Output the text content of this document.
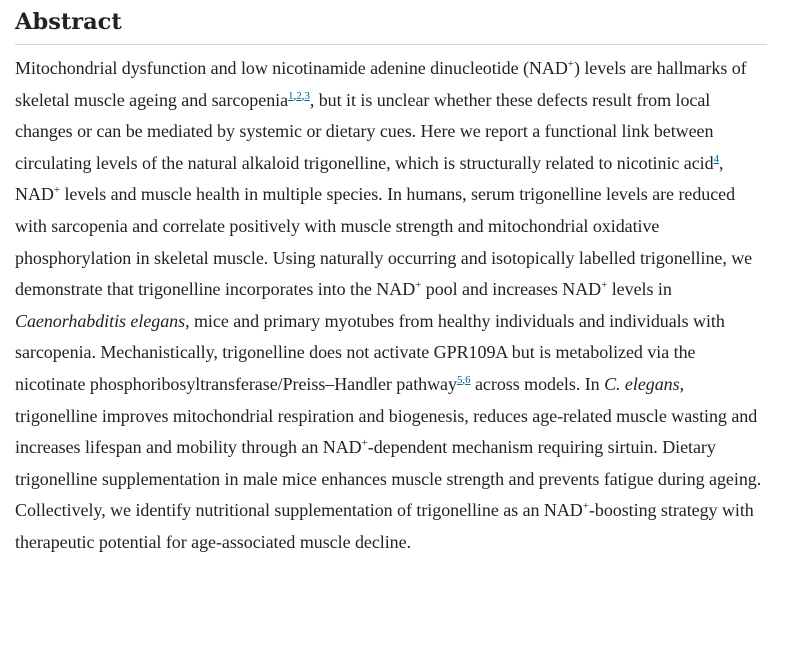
Abstract

Mitochondrial dysfunction and low nicotinamide adenine dinucleotide (NAD+) levels are hallmarks of skeletal muscle ageing and sarcopenia$^{1,2,3}$, but it is unclear whether these defects result from local changes or can be mediated by systemic or dietary cues. Here we report a functional link between circulating levels of the natural alkaloid trigonelline, which is structurally related to nicotinic acid$^4$, NAD+ levels and muscle health in multiple species. In humans, serum trigonelline levels are reduced with sarcopenia and correlate positively with muscle strength and mitochondrial oxidative phosphorylation in skeletal muscle. Using naturally occurring and isotopically labelled trigonelline, we demonstrate that trigonelline incorporates into the NAD+ pool and increases NAD+ levels in Caenorhabditis elegans, mice and primary myotubes from healthy individuals and individuals with sarcopenia. Mechanistically, trigonelline does not activate GPR109A but is metabolized via the nicotinate phosphoribosyltransferase/Preiss–Handler pathway$^{5,6}$ across models. In C. elegans, trigonelline improves mitochondrial respiration and biogenesis, reduces age-related muscle wasting and increases lifespan and mobility through an NAD+-dependent mechanism requiring sirtuin. Dietary trigonelline supplementation in male mice enhances muscle strength and prevents fatigue during ageing. Collectively, we identify nutritional supplementation of trigonelline as an NAD+-boosting strategy with therapeutic potential for age-associated muscle decline.
